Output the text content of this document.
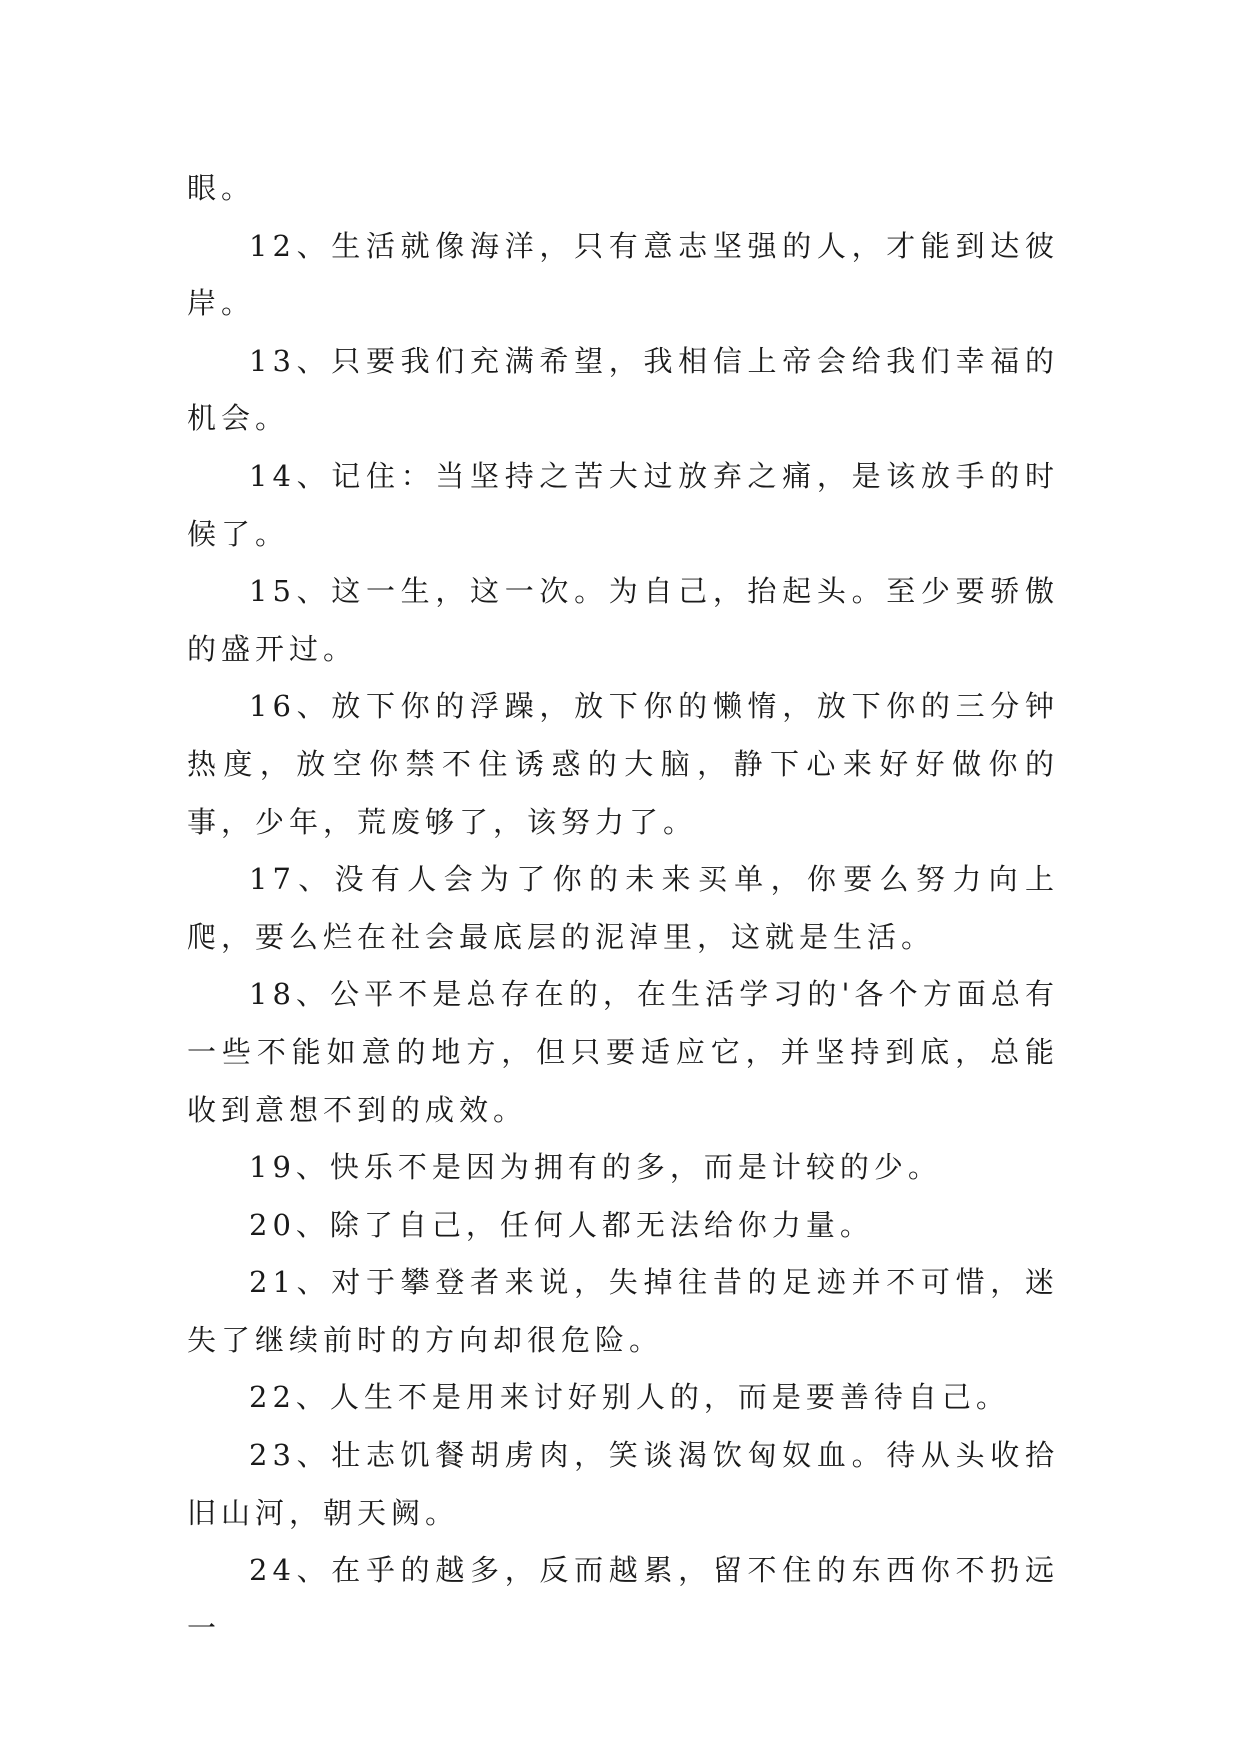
眼。

12、生活就像海洋，只有意志坚强的人，才能到达彼岸。

13、只要我们充满希望，我相信上帝会给我们幸福的机会。

14、记住：当坚持之苦大过放弃之痛，是该放手的时候了。

15、这一生，这一次。为自己，抬起头。至少要骄傲的盛开过。

16、放下你的浮躁，放下你的懒惰，放下你的三分钟热度，放空你禁不住诱惑的大脑，静下心来好好做你的事，少年，荒废够了，该努力了。

17、没有人会为了你的未来买单，你要么努力向上爬，要么烂在社会最底层的泥淖里，这就是生活。

18、公平不是总存在的，在生活学习的'各个方面总有一些不能如意的地方，但只要适应它，并坚持到底，总能收到意想不到的成效。

19、快乐不是因为拥有的多，而是计较的少。

20、除了自己，任何人都无法给你力量。

21、对于攀登者来说，失掉往昔的足迹并不可惜，迷失了继续前时的方向却很危险。

22、人生不是用来讨好别人的，而是要善待自己。

23、壮志饥餐胡虏肉，笑谈渴饮匈奴血。待从头收拾旧山河，朝天阙。

24、在乎的越多，反而越累，留不住的东西你不扔远一
